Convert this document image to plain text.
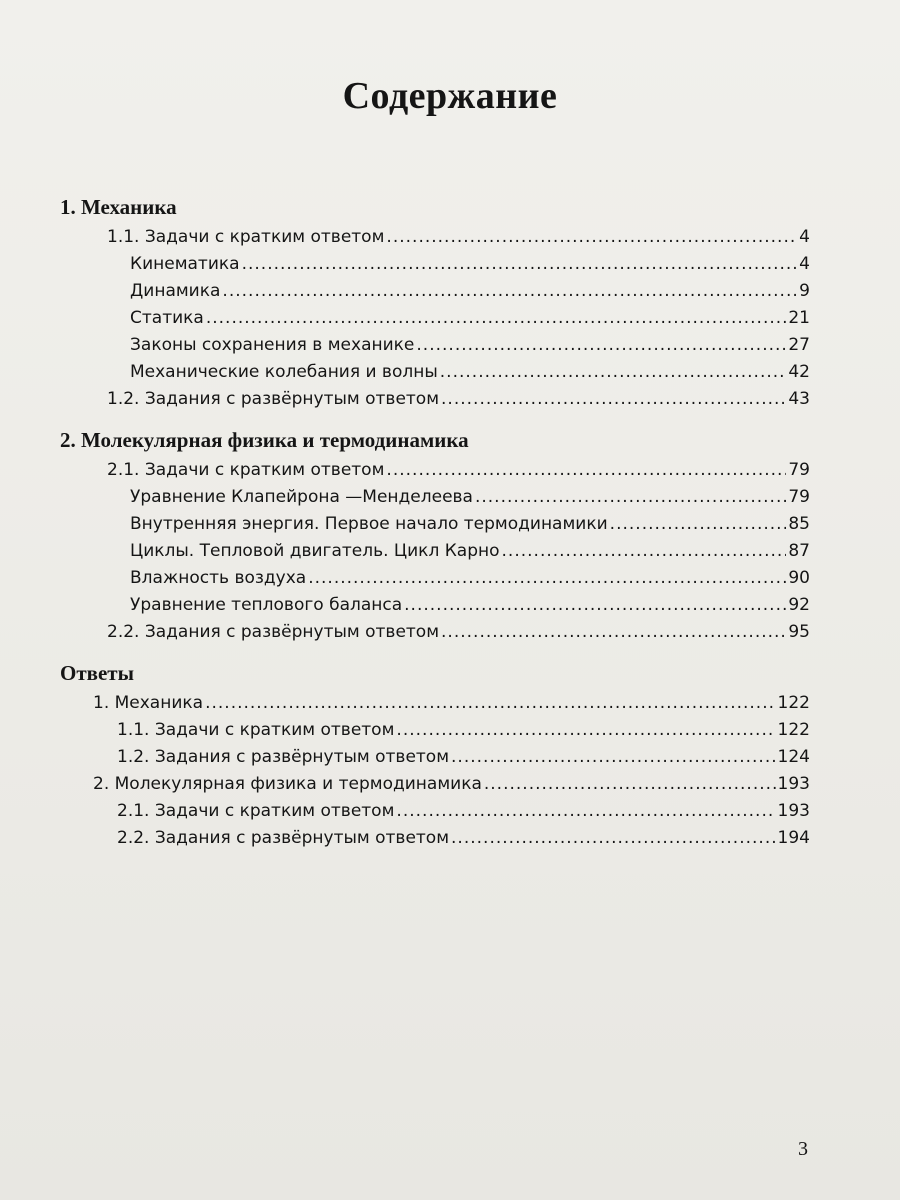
Содержание
1. Механика
1.1. Задачи с кратким ответом .....	4
Кинематика .....	4
Динамика .....	9
Статика .....	21
Законы сохранения в механике .....	27
Механические колебания и волны .....	42
1.2. Задания с развёрнутым ответом .....	43
2. Молекулярная физика и термодинамика
2.1. Задачи с кратким ответом .....	79
Уравнение Клапейрона —Менделеева .....	79
Внутренняя энергия. Первое начало термодинамики .....	85
Циклы. Тепловой двигатель. Цикл Карно .....	87
Влажность воздуха .....	90
Уравнение теплового баланса .....	92
2.2. Задания с развёрнутым ответом .....	95
Ответы
1. Механика .....	122
1.1. Задачи с кратким ответом .....	122
1.2. Задания с развёрнутым ответом .....	124
2. Молекулярная физика и термодинамика .....	193
2.1. Задачи с кратким ответом .....	193
2.2. Задания с развёрнутым ответом .....	194
3
